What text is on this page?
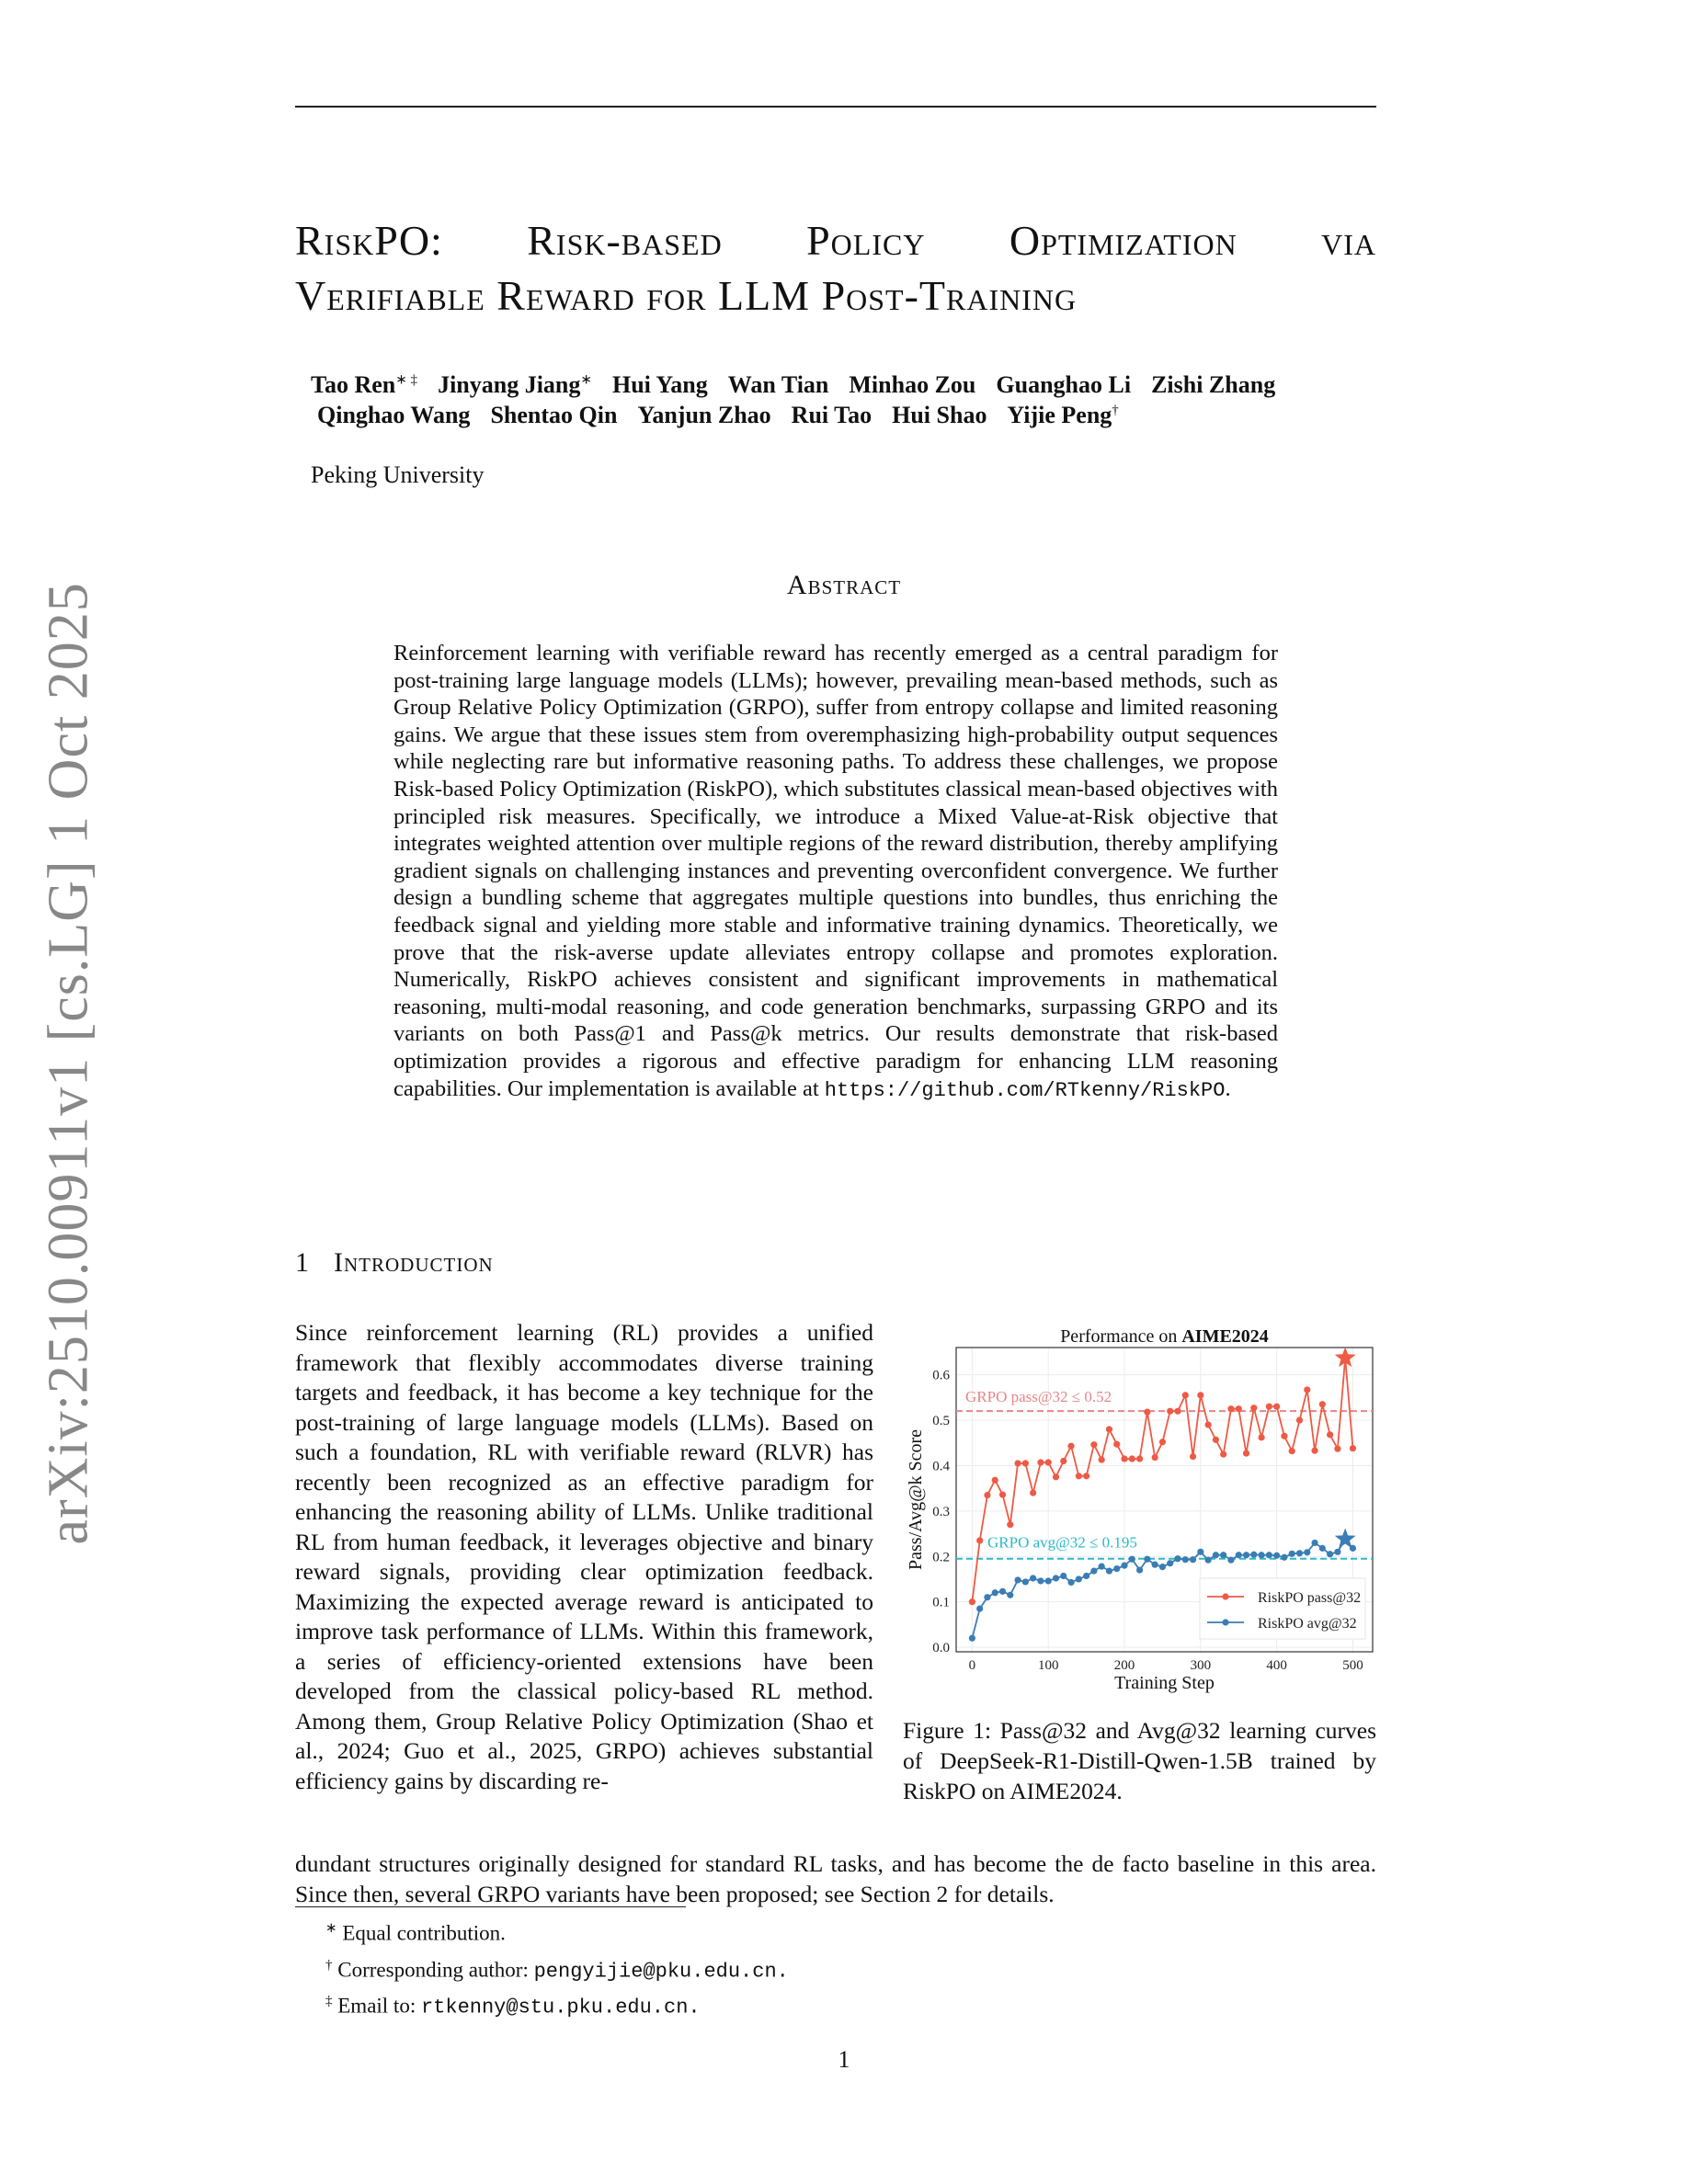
arXiv:2510.00911v1 [cs.LG] 1 Oct 2025
RiskPO: Risk-based Policy Optimization via
Verifiable Reward for LLM Post-Training
Tao Ren∗ ‡ Jinyang Jiang∗ Hui Yang Wan Tian Minhao Zou Guanghao Li Zishi Zhang
Qinghao Wang Shentao Qin Yanjun Zhao Rui Tao Hui Shao Yijie Peng†
Peking University
Abstract
Reinforcement learning with verifiable reward has recently emerged as a central paradigm for post-training large language models (LLMs); however, prevailing mean-based methods, such as Group Relative Policy Optimization (GRPO), suffer from entropy collapse and limited reasoning gains. We argue that these issues stem from overemphasizing high-probability output sequences while neglecting rare but informative reasoning paths. To address these challenges, we propose Risk-based Policy Optimization (RiskPO), which substitutes classical mean-based objectives with principled risk measures. Specifically, we introduce a Mixed Value-at-Risk objective that integrates weighted attention over multiple regions of the reward distribution, thereby amplifying gradient signals on challenging instances and preventing overconfident convergence. We further design a bundling scheme that aggregates multiple questions into bundles, thus enriching the feedback signal and yielding more stable and informative training dynamics. Theoretically, we prove that the risk-averse update alleviates entropy collapse and promotes exploration. Numerically, RiskPO achieves consistent and significant improvements in mathematical reasoning, multi-modal reasoning, and code generation benchmarks, surpassing GRPO and its variants on both Pass@1 and Pass@k metrics. Our results demonstrate that risk-based optimization provides a rigorous and effective paradigm for enhancing LLM reasoning capabilities. Our implementation is available at https://github.com/RTkenny/RiskPO.
1 Introduction
Since reinforcement learning (RL) provides a unified framework that flexibly accommodates diverse training targets and feedback, it has become a key technique for the post-training of large language models (LLMs). Based on such a foundation, RL with verifiable reward (RLVR) has recently been recognized as an effective paradigm for enhancing the reasoning ability of LLMs. Unlike traditional RL from human feedback, it leverages objective and binary reward signals, providing clear optimization feedback. Maximizing the expected average reward is anticipated to improve task performance of LLMs. Within this framework, a series of efficiency-oriented extensions have been developed from the classical policy-based RL method. Among them, Group Relative Policy Optimization (Shao et al., 2024; Guo et al., 2025, GRPO) achieves substantial efficiency gains by discarding re-
dundant structures originally designed for standard RL tasks, and has become the de facto baseline in this area. Since then, several GRPO variants have been proposed; see Section 2 for details.
0	100	200	300	400	500
0.0
0.1
0.2
0.3
0.4
0.5
0.6
Performance on AIME2024
Training Step
Pass/Avg@k Score
GRPO pass@32 ≤ 0.52
GRPO avg@32 ≤ 0.195
RiskPO pass@32
RiskPO avg@32
Figure 1: Pass@32 and Avg@32 learning curves of DeepSeek-R1-Distill-Qwen-1.5B trained by RiskPO on AIME2024.
∗ Equal contribution.
† Corresponding author: pengyijie@pku.edu.cn.
‡ Email to: rtkenny@stu.pku.edu.cn.
1
